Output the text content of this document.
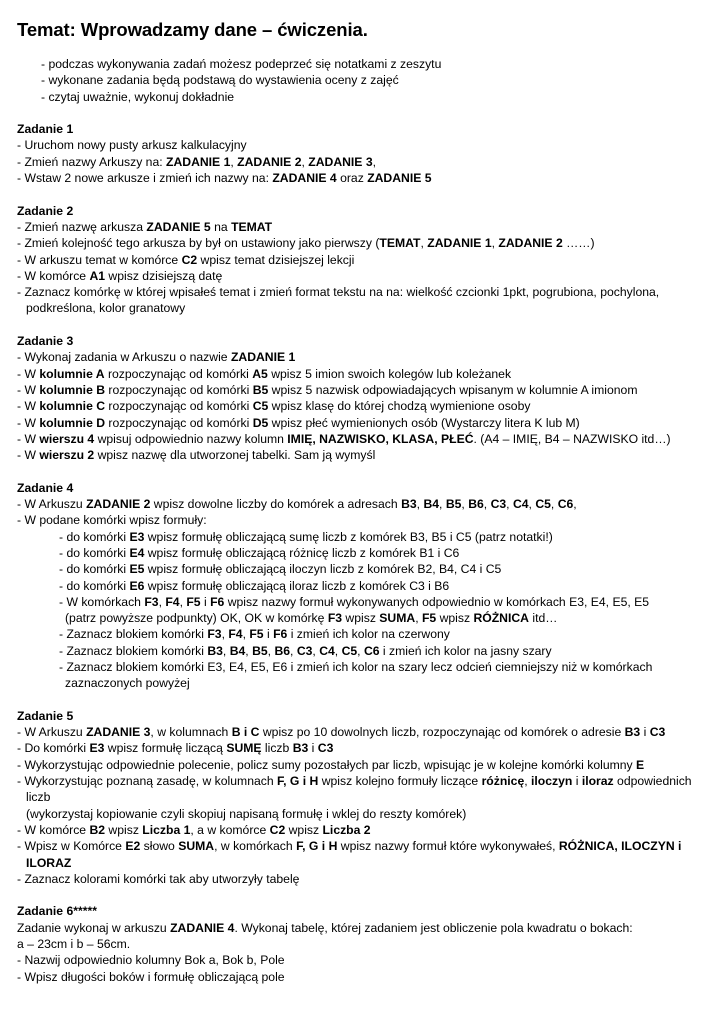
Temat: Wprowadzamy dane – ćwiczenia.
- podczas wykonywania zadań możesz podeprzeć się notatkami z zeszytu
- wykonane zadania będą podstawą do wystawienia oceny z zajęć
- czytaj uważnie, wykonuj dokładnie
Zadanie 1
- Uruchom nowy pusty arkusz kalkulacyjny
- Zmień nazwy Arkuszy na: ZADANIE 1, ZADANIE 2, ZADANIE 3,
- Wstaw 2 nowe arkusze i zmień ich nazwy na: ZADANIE 4 oraz ZADANIE 5
Zadanie 2
- Zmień nazwę arkusza ZADANIE 5 na TEMAT
- Zmień kolejność tego arkusza by był on ustawiony jako pierwszy (TEMAT, ZADANIE 1, ZADANIE 2 ……)
- W arkuszu temat w komórce C2 wpisz temat dzisiejszej lekcji
- W komórce A1 wpisz dzisiejszą datę
- Zaznacz komórkę w której wpisałeś temat i zmień format tekstu na na: wielkość czcionki 1pkt, pogrubiona, pochylona,
podkreślona, kolor granatowy
Zadanie 3
- Wykonaj zadania w Arkuszu o nazwie ZADANIE 1
- W kolumnie A rozpoczynając od komórki A5 wpisz 5 imion swoich kolegów lub koleżanek
- W kolumnie B rozpoczynając od komórki B5 wpisz 5 nazwisk odpowiadających wpisanym w kolumnie A imionom
- W kolumnie C rozpoczynając od komórki C5 wpisz klasę do której chodzą wymienione osoby
- W kolumnie D rozpoczynając od komórki D5 wpisz płeć wymienionych osób (Wystarczy litera K lub M)
- W wierszu 4 wpisuj odpowiednio nazwy kolumn IMIĘ, NAZWISKO, KLASA, PŁEĆ. (A4 – IMIĘ, B4 – NAZWISKO itd…)
- W wierszu 2 wpisz nazwę dla utworzonej tabelki. Sam ją wymyśl
Zadanie 4
- W Arkuszu ZADANIE 2 wpisz dowolne liczby do komórek a adresach B3, B4, B5, B6, C3, C4, C5, C6,
- W podane komórki wpisz formuły:
- do komórki E3 wpisz formułę obliczającą sumę liczb z komórek B3, B5 i C5 (patrz notatki!)
- do komórki E4 wpisz formułę obliczającą różnicę liczb z komórek B1 i C6
- do komórki E5 wpisz formułę obliczającą iloczyn liczb z komórek B2, B4, C4 i C5
- do komórki E6 wpisz formułę obliczającą iloraz liczb z komórek C3 i B6
- W komórkach F3, F4, F5 i F6 wpisz nazwy formuł wykonywanych odpowiednio w komórkach E3, E4, E5, E5
(patrz powyższe podpunkty) OK, OK w komórkę F3 wpisz SUMA, F5 wpisz RÓŻNICA itd…
- Zaznacz blokiem komórki F3, F4, F5 i F6 i zmień ich kolor na czerwony
- Zaznacz blokiem komórki B3, B4, B5, B6, C3, C4, C5, C6 i zmień ich kolor na jasny szary
- Zaznacz blokiem komórki E3, E4, E5, E6 i zmień ich kolor na szary lecz odcień ciemniejszy niż w komórkach
zaznaczonych powyżej
Zadanie 5
- W Arkuszu ZADANIE 3, w kolumnach B i C wpisz po 10 dowolnych liczb, rozpoczynając od komórek o adresie B3 i C3
- Do komórki E3 wpisz formułę liczącą SUMĘ liczb B3 i C3
- Wykorzystując odpowiednie polecenie, policz sumy pozostałych par liczb, wpisując je w kolejne komórki kolumny E
- Wykorzystując poznaną zasadę, w kolumnach F, G i H wpisz kolejno formuły liczące różnicę, iloczyn i iloraz odpowiednich
liczb
(wykorzystaj kopiowanie czyli skopiuj napisaną formułę i wklej do reszty komórek)
- W komórce B2 wpisz Liczba 1, a w komórce C2 wpisz Liczba 2
- Wpisz w Komórce E2 słowo SUMA, w komórkach F, G i H wpisz nazwy formuł które wykonywałeś, RÓŻNICA, ILOCZYN i
ILORAZ
- Zaznacz kolorami komórki tak aby utworzyły tabelę
Zadanie 6*****
Zadanie wykonaj w arkuszu ZADANIE 4. Wykonaj tabelę, której zadaniem jest obliczenie pola kwadratu o bokach:
a – 23cm i b – 56cm.
- Nazwij odpowiednio kolumny Bok a, Bok b, Pole
- Wpisz długości boków i formułę obliczającą pole
